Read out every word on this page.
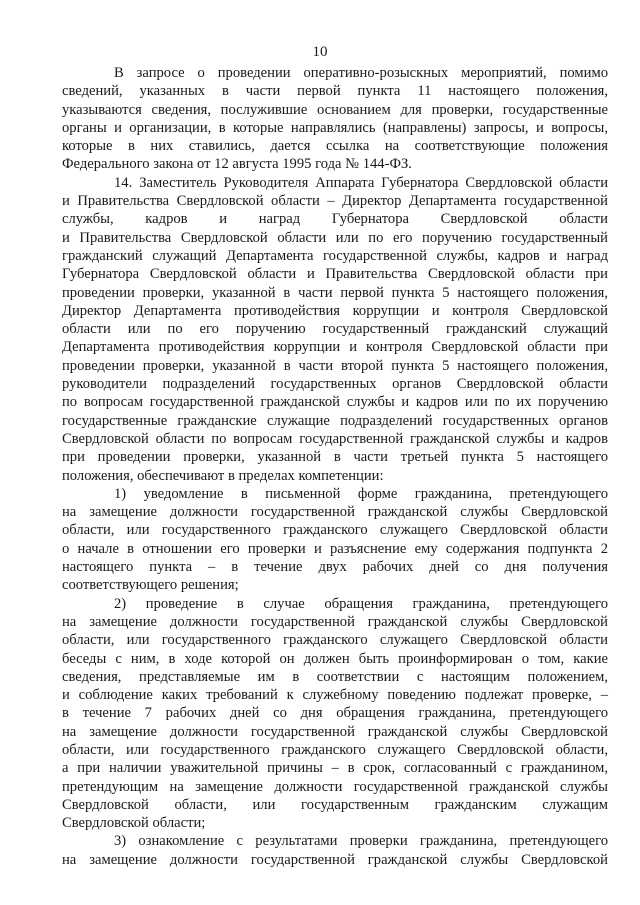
10
В запросе о проведении оперативно-розыскных мероприятий, помимо
сведений, указанных в части первой пункта 11 настоящего положения,
указываются сведения, послужившие основанием для проверки, государственные
органы и организации, в которые направлялись (направлены) запросы, и вопросы,
которые в них ставились, дается ссылка на соответствующие положения
Федерального закона от 12 августа 1995 года № 144-ФЗ.
14. Заместитель Руководителя Аппарата Губернатора Свердловской области
и Правительства Свердловской области – Директор Департамента государственной
службы, кадров и наград Губернатора Свердловской области
и Правительства Свердловской области или по его поручению государственный
гражданский служащий Департамента государственной службы, кадров и наград
Губернатора Свердловской области и Правительства Свердловской области при
проведении проверки, указанной в части первой пункта 5 настоящего положения,
Директор Департамента противодействия коррупции и контроля Свердловской
области или по его поручению государственный гражданский служащий
Департамента противодействия коррупции и контроля Свердловской области при
проведении проверки, указанной в части второй пункта 5 настоящего положения,
руководители подразделений государственных органов Свердловской области
по вопросам государственной гражданской службы и кадров или по их поручению
государственные гражданские служащие подразделений государственных органов
Свердловской области по вопросам государственной гражданской службы и кадров
при проведении проверки, указанной в части третьей пункта 5 настоящего
положения, обеспечивают в пределах компетенции:
1) уведомление в письменной форме гражданина, претендующего
на замещение должности государственной гражданской службы Свердловской
области, или государственного гражданского служащего Свердловской области
о начале в отношении его проверки и разъяснение ему содержания подпункта 2
настоящего пункта – в течение двух рабочих дней со дня получения
соответствующего решения;
2) проведение в случае обращения гражданина, претендующего
на замещение должности государственной гражданской службы Свердловской
области, или государственного гражданского служащего Свердловской области
беседы с ним, в ходе которой он должен быть проинформирован о том, какие
сведения, представляемые им в соответствии с настоящим положением,
и соблюдение каких требований к служебному поведению подлежат проверке, –
в течение 7 рабочих дней со дня обращения гражданина, претендующего
на замещение должности государственной гражданской службы Свердловской
области, или государственного гражданского служащего Свердловской области,
а при наличии уважительной причины – в срок, согласованный с гражданином,
претендующим на замещение должности государственной гражданской службы
Свердловской области, или государственным гражданским служащим
Свердловской области;
3) ознакомление с результатами проверки гражданина, претендующего
на замещение должности государственной гражданской службы Свердловской
